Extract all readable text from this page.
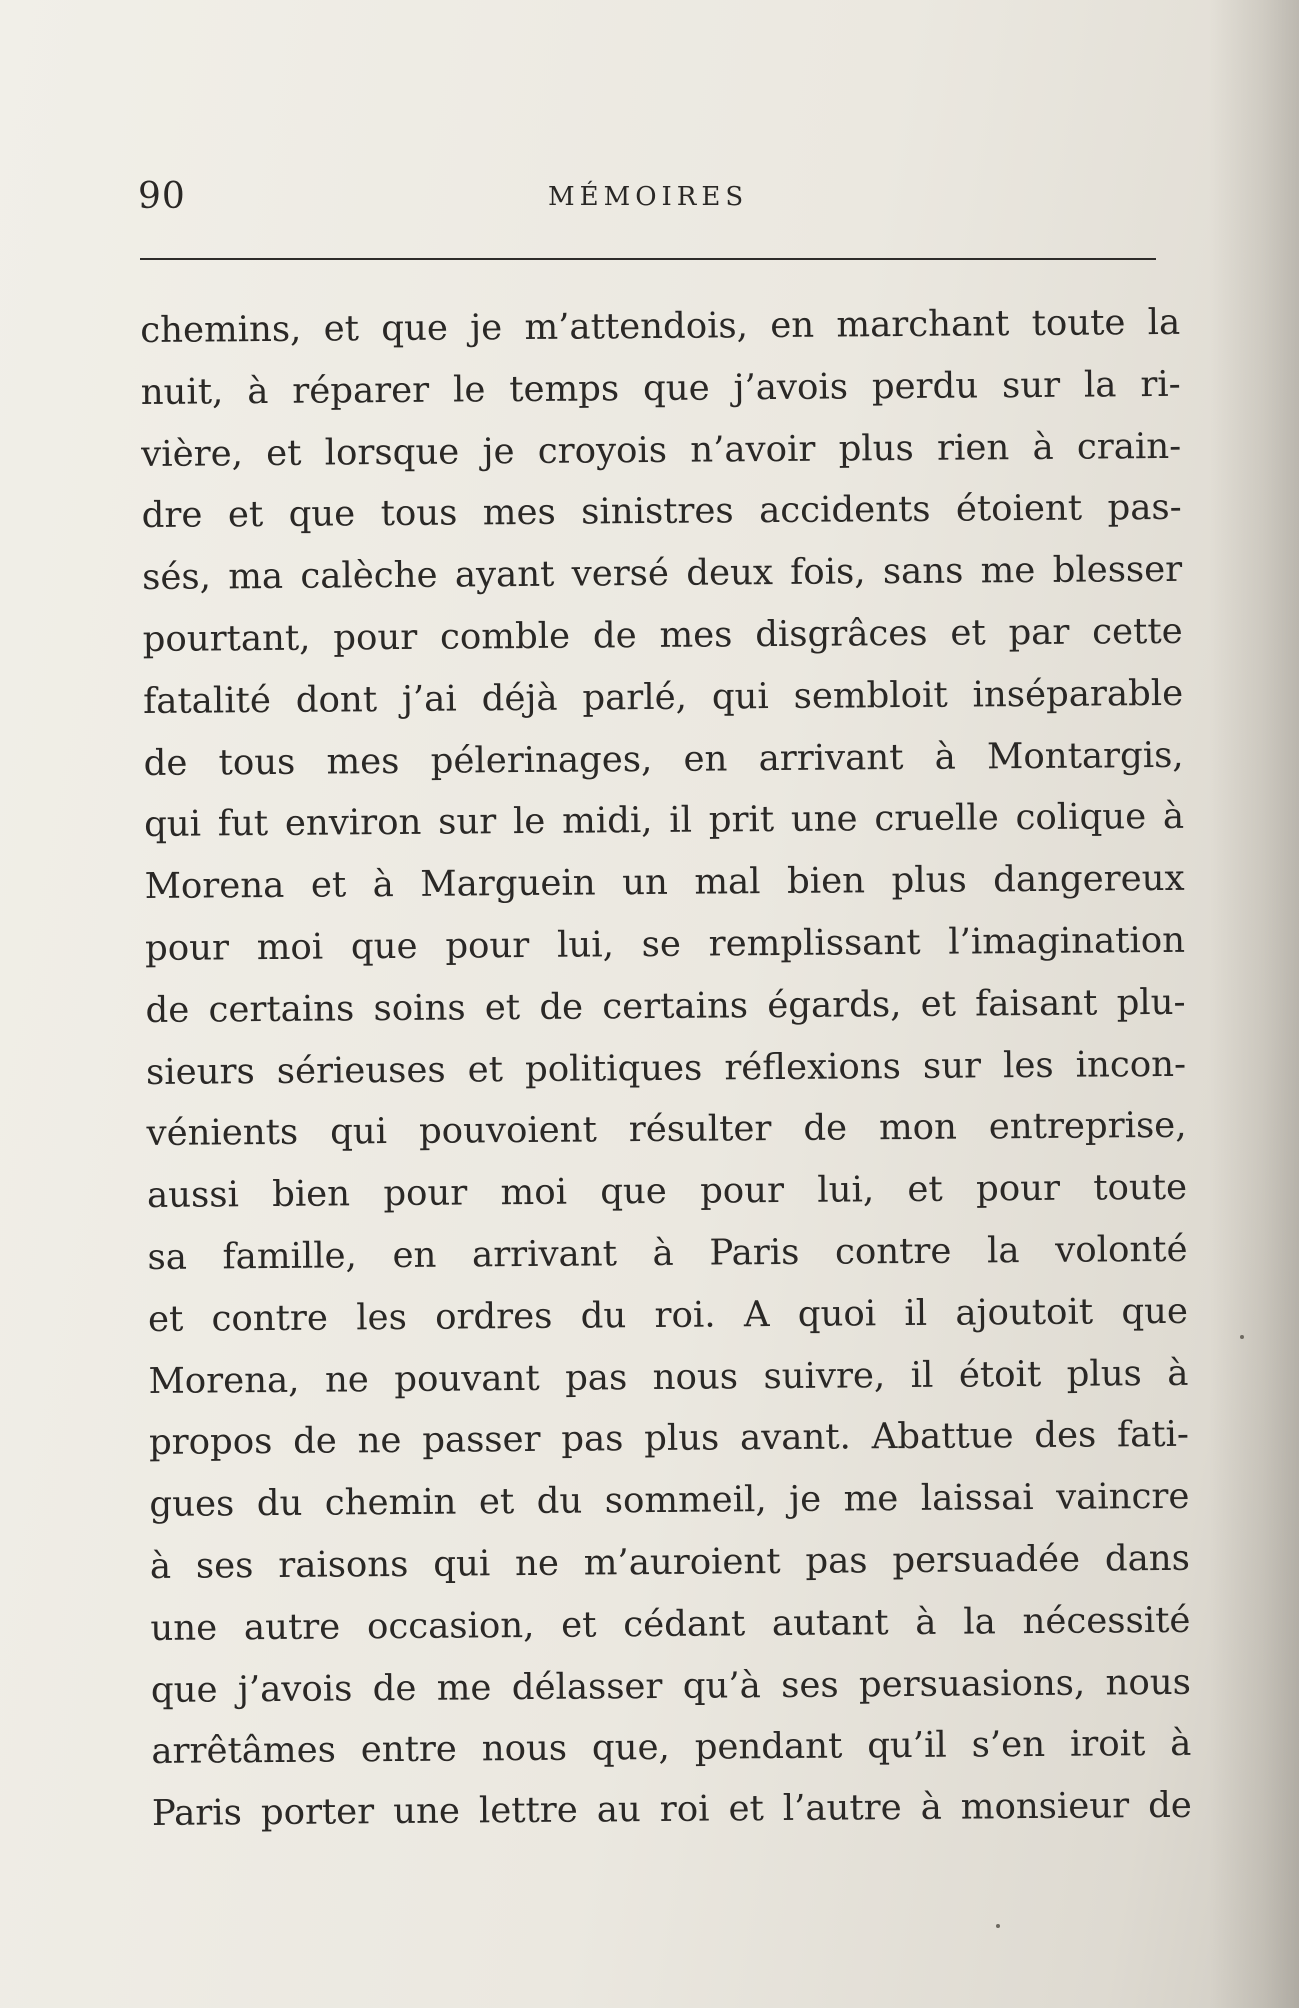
90	MÉMOIRES
chemins, et que je m’attendois, en marchant toute la
nuit, à réparer le temps que j’avois perdu sur la ri-
vière, et lorsque je croyois n’avoir plus rien à crain-
dre et que tous mes sinistres accidents étoient pas-
sés, ma calèche ayant versé deux fois, sans me blesser
pourtant, pour comble de mes disgrâces et par cette
fatalité dont j’ai déjà parlé, qui sembloit inséparable
de tous mes pélerinages, en arrivant à Montargis,
qui fut environ sur le midi, il prit une cruelle colique à
Morena et à Marguein un mal bien plus dangereux
pour moi que pour lui, se remplissant l’imagination
de certains soins et de certains égards, et faisant plu-
sieurs sérieuses et politiques réflexions sur les incon-
vénients qui pouvoient résulter de mon entreprise,
aussi bien pour moi que pour lui, et pour toute
sa famille, en arrivant à Paris contre la volonté
et contre les ordres du roi. A quoi il ajoutoit que
Morena, ne pouvant pas nous suivre, il étoit plus à
propos de ne passer pas plus avant. Abattue des fati-
gues du chemin et du sommeil, je me laissai vaincre
à ses raisons qui ne m’auroient pas persuadée dans
une autre occasion, et cédant autant à la nécessité
que j’avois de me délasser qu’à ses persuasions, nous
arrêtâmes entre nous que, pendant qu’il s’en iroit à
Paris porter une lettre au roi et l’autre à monsieur de
